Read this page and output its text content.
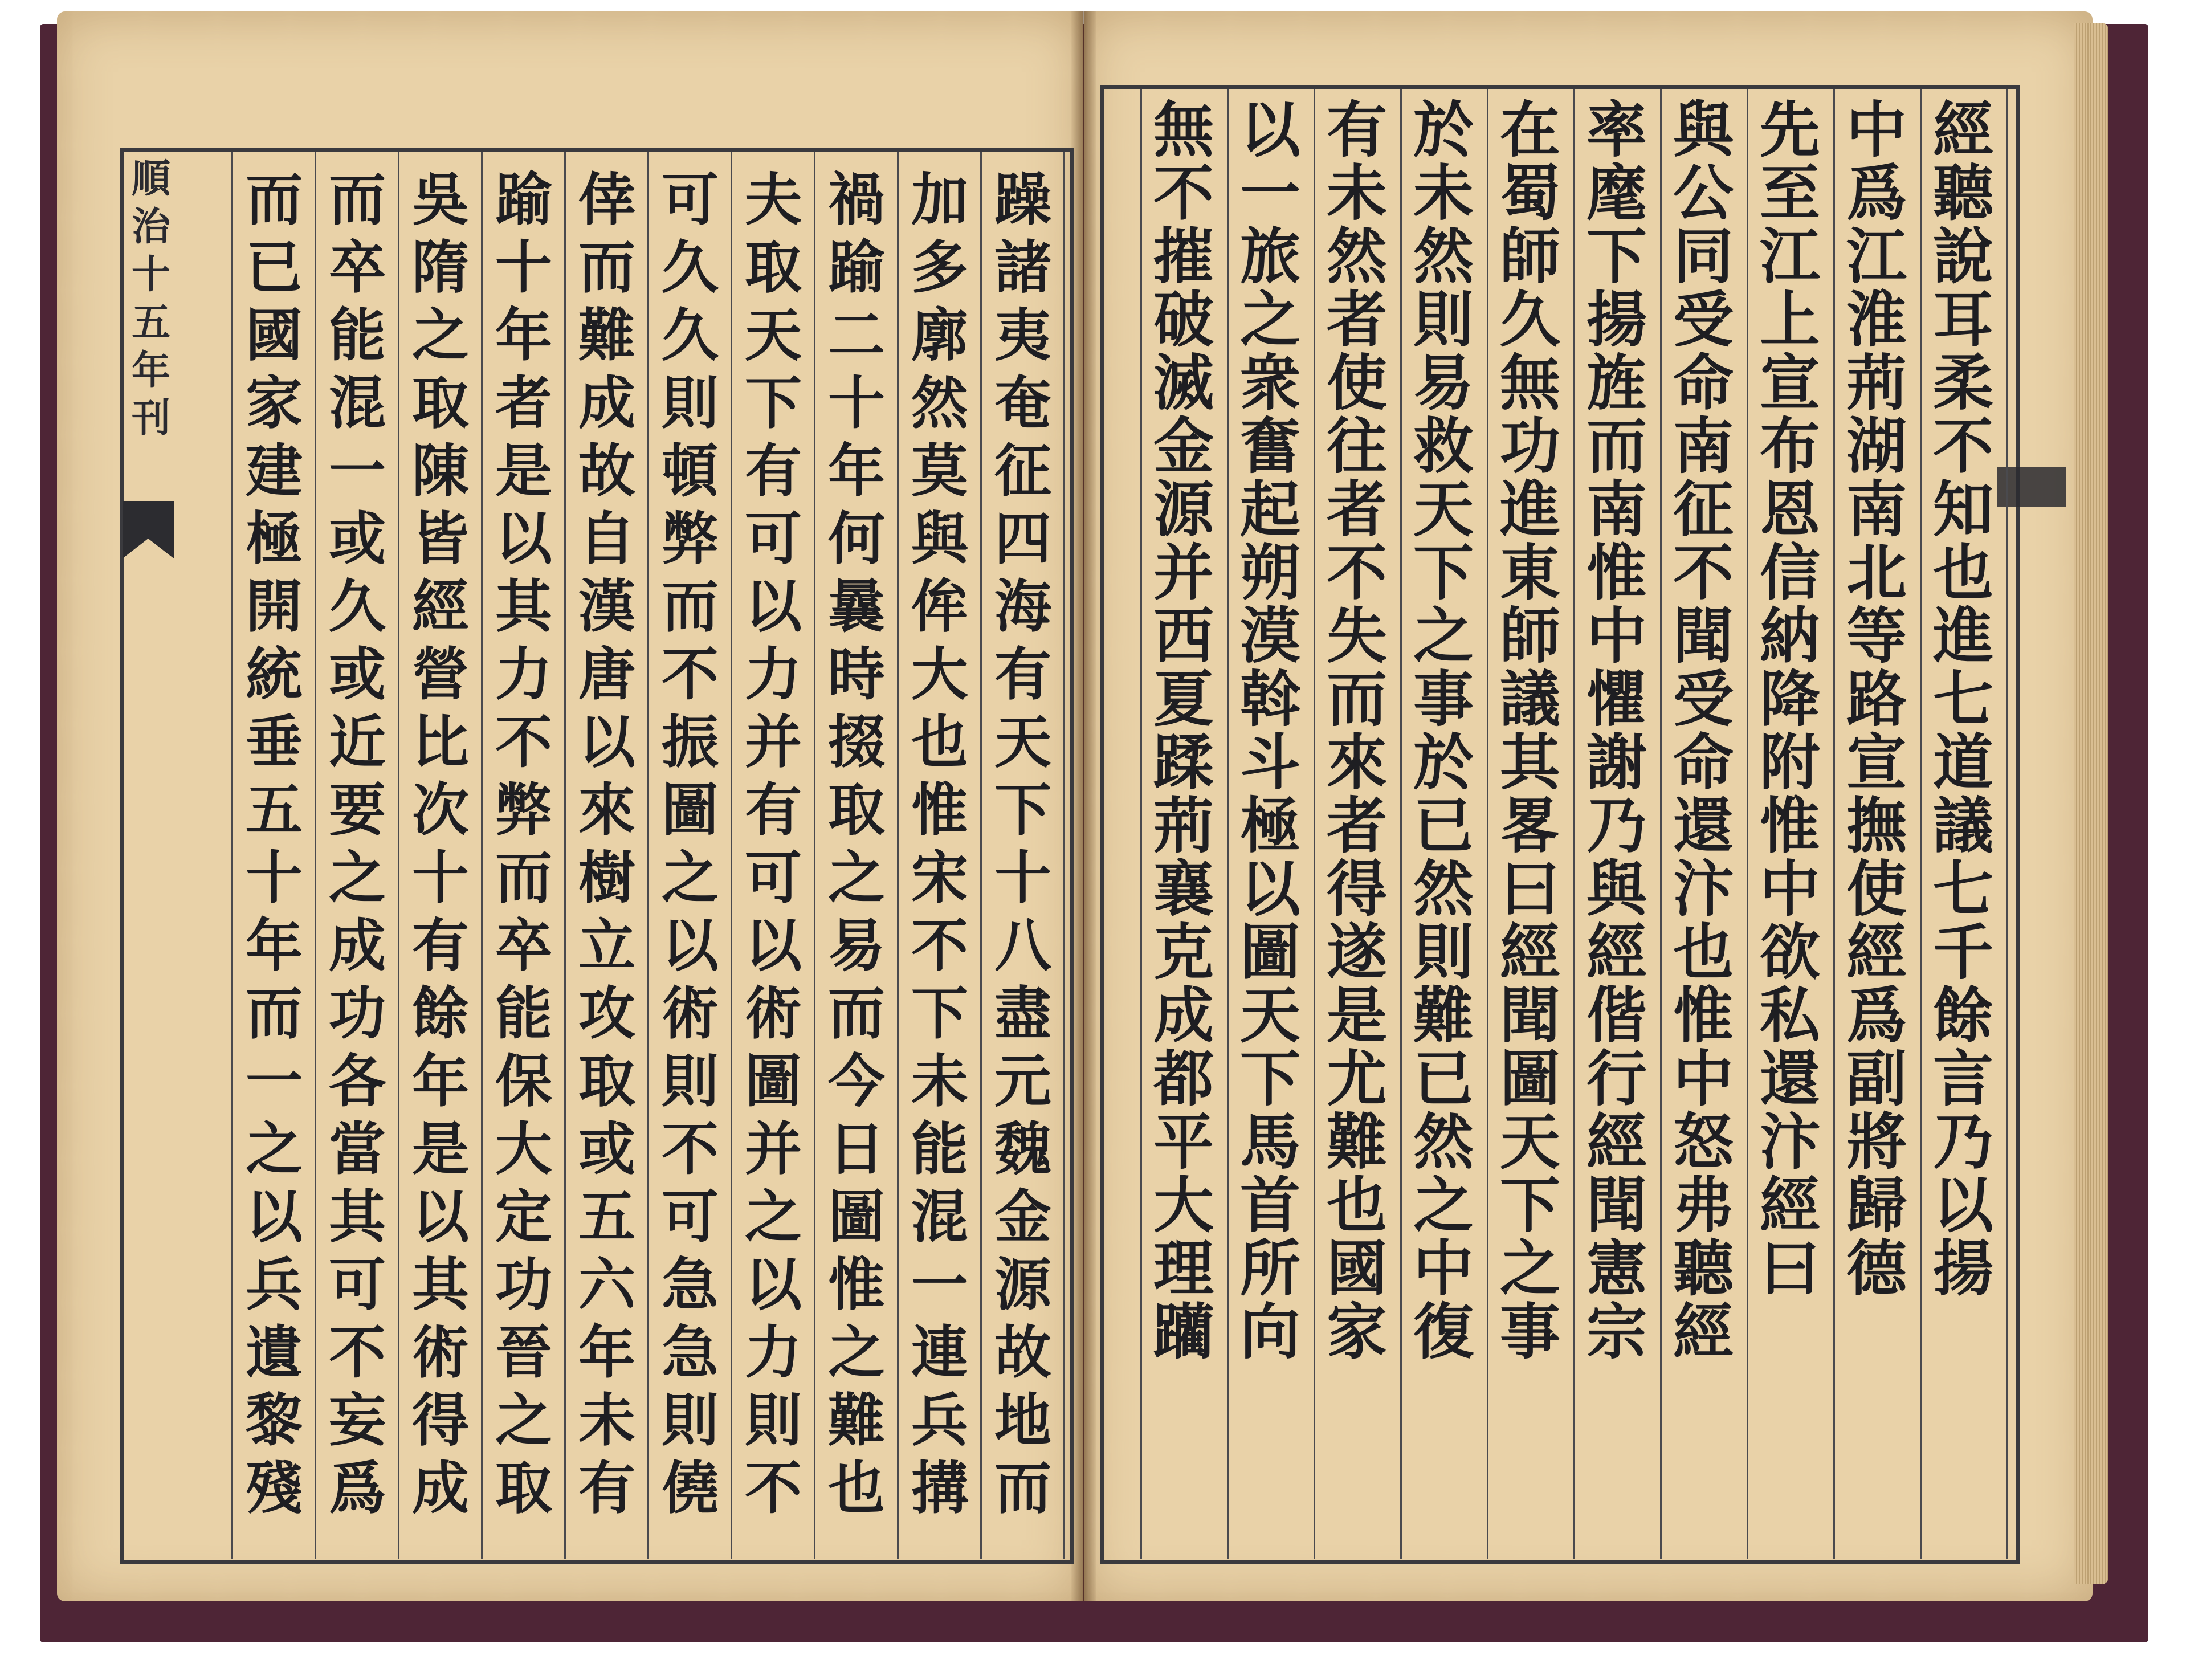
順
治
十
五
年
刊
躁
諸
夷
奄
征
四
海
有
天
下
十
八
盡
元
魏
金
源
故
地
而
加
多
廓
然
莫
與
侔
大
也
惟
宋
不
下
未
能
混
一
連
兵
搆
禍
踰
二
十
年
何
曩
時
掇
取
之
易
而
今
日
圖
惟
之
難
也
夫
取
天
下
有
可
以
力
并
有
可
以
術
圖
并
之
以
力
則
不
可
久
久
則
頓
弊
而
不
振
圖
之
以
術
則
不
可
急
急
則
僥
倖
而
難
成
故
自
漢
唐
以
來
樹
立
攻
取
或
五
六
年
未
有
踰
十
年
者
是
以
其
力
不
弊
而
卒
能
保
大
定
功
晉
之
取
吳
隋
之
取
陳
皆
經
營
比
次
十
有
餘
年
是
以
其
術
得
成
而
卒
能
混
一
或
久
或
近
要
之
成
功
各
當
其
可
不
妄
爲
而
已
國
家
建
極
開
統
垂
五
十
年
而
一
之
以
兵
遺
黎
殘
經
聽
說
耳
柔
不
知
也
進
七
道
議
七
千
餘
言
乃
以
揚
中
爲
江
淮
荊
湖
南
北
等
路
宣
撫
使
經
爲
副
將
歸
德
先
至
江
上
宣
布
恩
信
納
降
附
惟
中
欲
私
還
汴
經
曰
與
公
同
受
命
南
征
不
聞
受
命
還
汴
也
惟
中
怒
弗
聽
經
率
麾
下
揚
旌
而
南
惟
中
懼
謝
乃
與
經
偕
行
經
聞
憲
宗
在
蜀
師
久
無
功
進
東
師
議
其
畧
曰
經
聞
圖
天
下
之
事
於
未
然
則
易
救
天
下
之
事
於
已
然
則
難
已
然
之
中
復
有
未
然
者
使
往
者
不
失
而
來
者
得
遂
是
尤
難
也
國
家
以
一
旅
之
衆
奮
起
朔
漠
斡
斗
極
以
圖
天
下
馬
首
所
向
無
不
摧
破
滅
金
源
并
西
夏
蹂
荊
襄
克
成
都
平
大
理
躪
